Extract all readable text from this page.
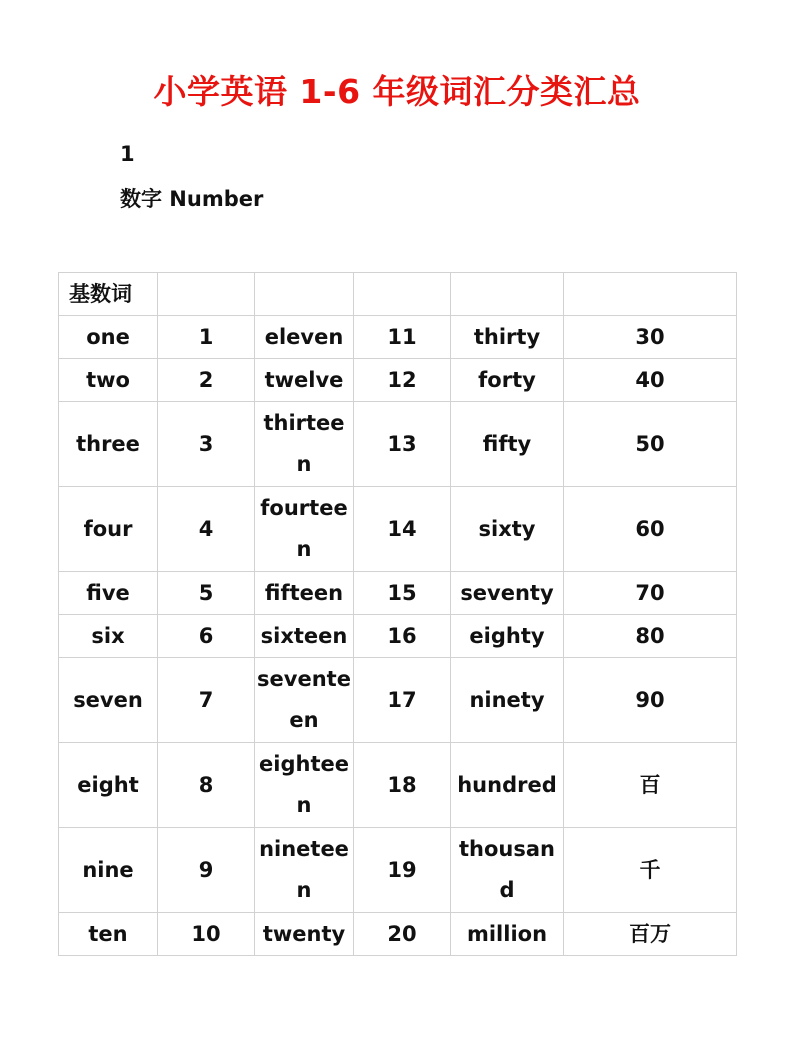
小学英语 1-6 年级词汇分类汇总
1
数字 Number
基数词					
one	1	eleven	11	thirty	30
two	2	twelve	12	forty	40
three	3	thirteen	13	fifty	50
four	4	fourteen	14	sixty	60
five	5	fifteen	15	seventy	70
six	6	sixteen	16	eighty	80
seven	7	seventeen	17	ninety	90
eight	8	eighteen	18	hundred	百
nine	9	nineteen	19	thousand	千
ten	10	twenty	20	million	百万
